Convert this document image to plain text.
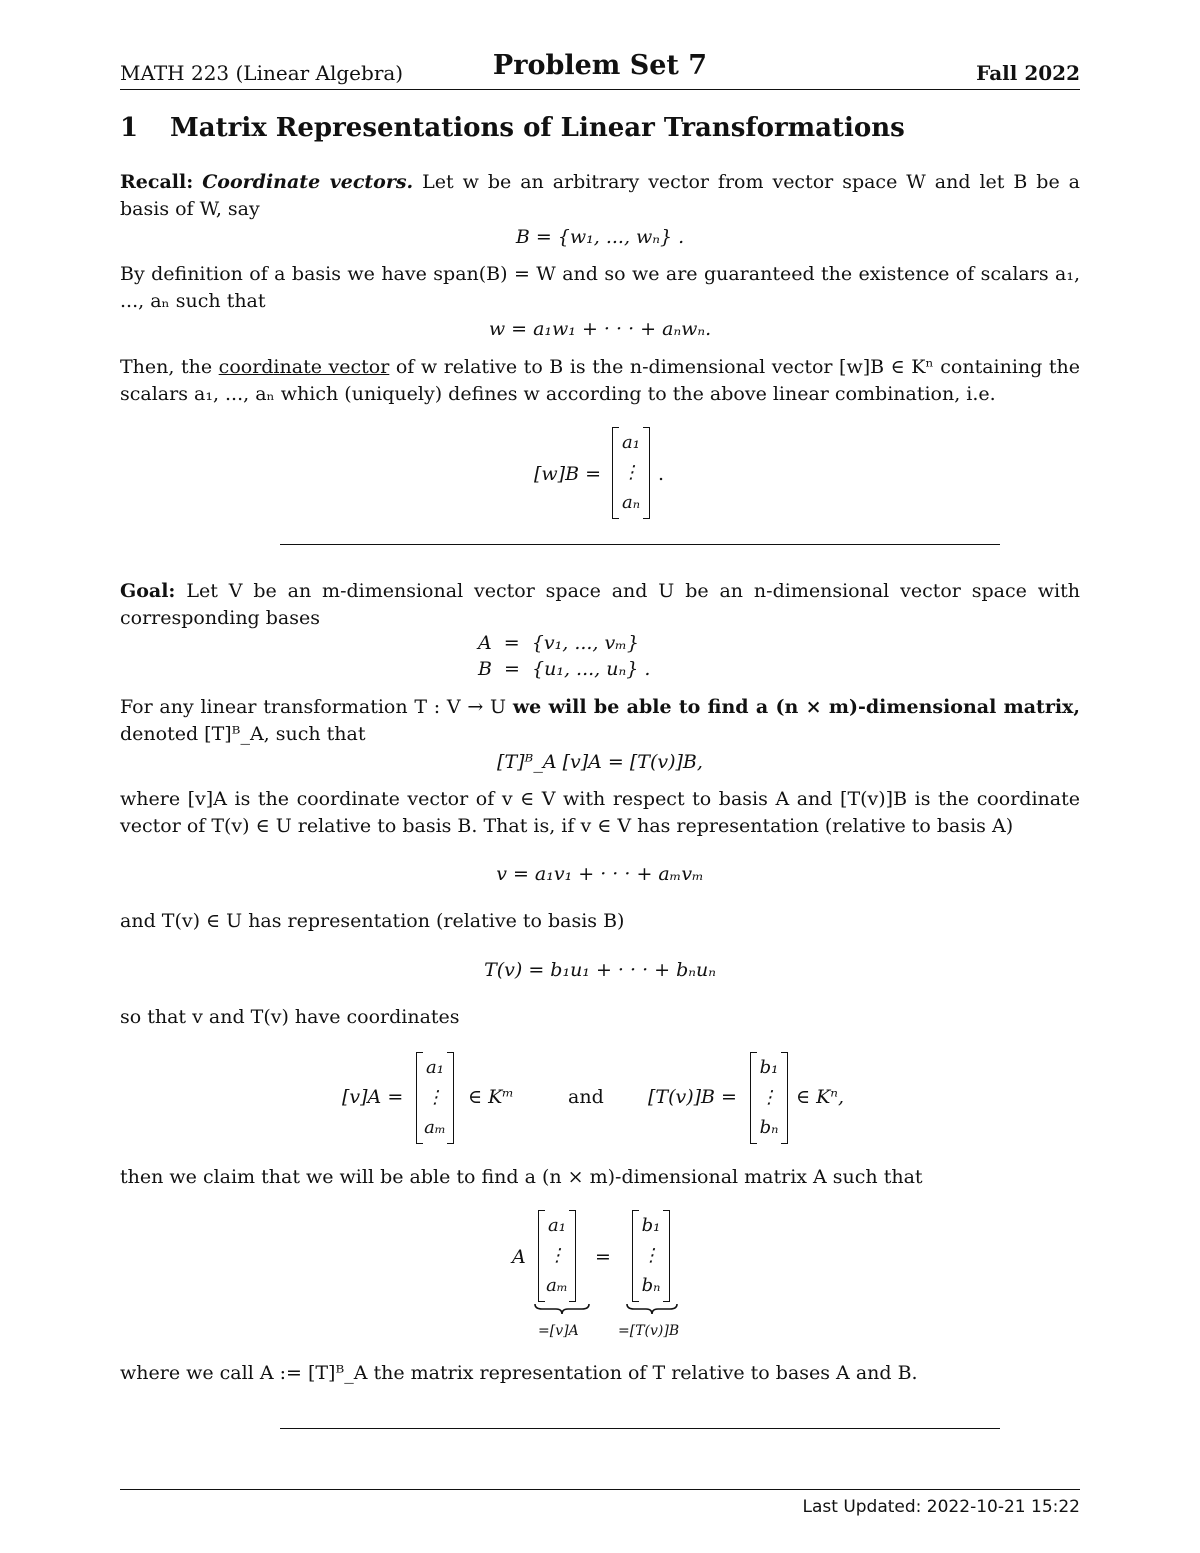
MATH 223 (Linear Algebra)	Problem Set 7	Fall 2022
1 Matrix Representations of Linear Transformations
Recall: Coordinate vectors. Let w be an arbitrary vector from vector space W and let B be a basis of W, say
B = {w₁, ..., wₙ} .
By definition of a basis we have span(B) = W and so we are guaranteed the existence of scalars a₁, ..., aₙ such that
w = a₁w₁ + · · · + aₙwₙ.
Then, the coordinate vector of w relative to B is the n-dimensional vector [w]B ∈ Kⁿ containing the scalars a₁, ..., aₙ which (uniquely) defines w according to the above linear combination, i.e.
[w]B =
a₁
⋮
aₙ
.
Goal: Let V be an m-dimensional vector space and U be an n-dimensional vector space with corresponding bases
A  =  {v₁, ..., vₘ}
B  =  {u₁, ..., uₙ} .
For any linear transformation T : V → U we will be able to find a (n × m)-dimensional matrix, denoted [T]ᴮ_A, such that
[T]ᴮ_A [v]A = [T(v)]B,
where [v]A is the coordinate vector of v ∈ V with respect to basis A and [T(v)]B is the coordinate vector of T(v) ∈ U relative to basis B. That is, if v ∈ V has representation (relative to basis A)
v = a₁v₁ + · · · + aₘvₘ
and T(v) ∈ U has representation (relative to basis B)
T(v) = b₁u₁ + · · · + bₙuₙ
so that v and T(v) have coordinates
[v]A =
a₁
⋮
aₘ
∈ Kᵐ	and [T(v)]B =
b₁
⋮
bₙ
∈ Kⁿ,
then we claim that we will be able to find a (n × m)-dimensional matrix A such that
A
a₁
⋮
aₘ
=
b₁
⋮
bₙ
=[v]A	=[T(v)]B
where we call A := [T]ᴮ_A the matrix representation of T relative to bases A and B.
Last Updated: 2022-10-21 15:22
